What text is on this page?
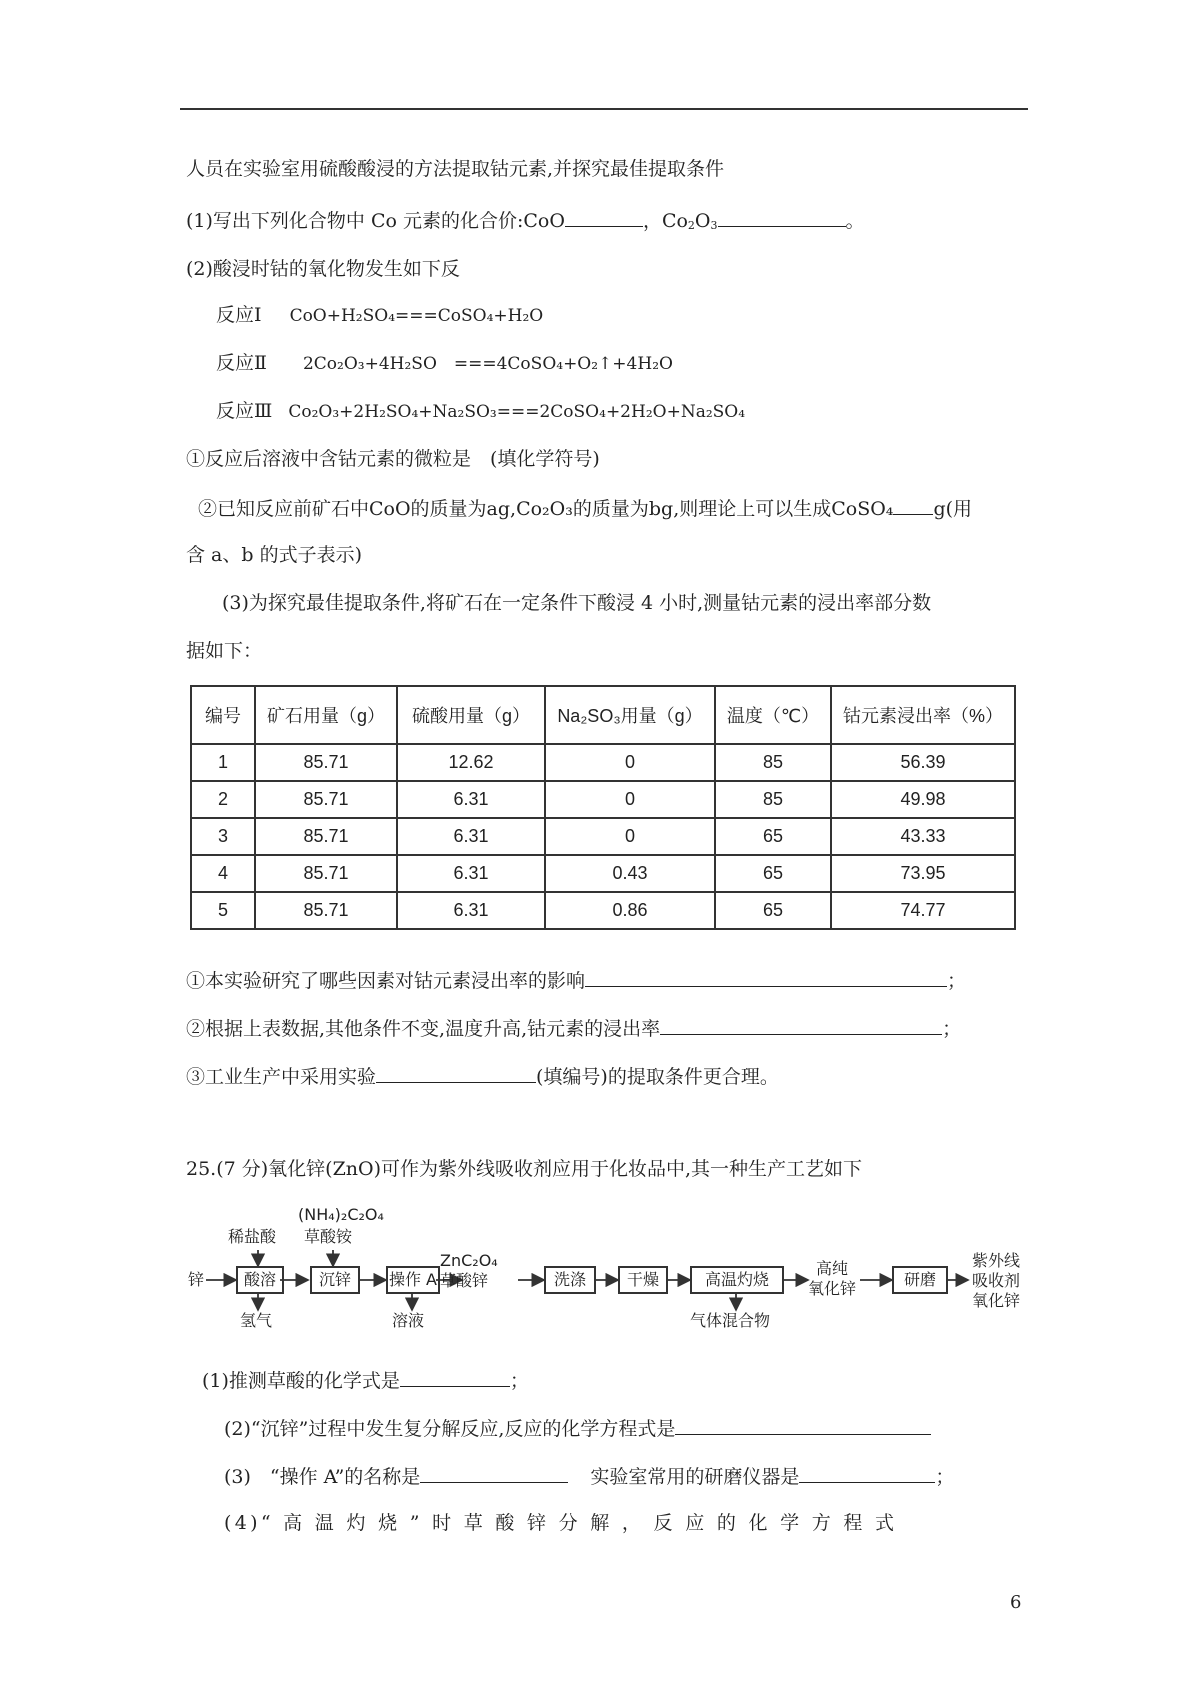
人员在实验室用硫酸酸浸的方法提取钴元素,并探究最佳提取条件
(1)写出下列化合物中 Co 元素的化合价:CoO	，$Co_2O_3$	。
(2)酸浸时钴的氧化物发生如下反
反应Ⅰ CoO+H₂SO₄===CoSO₄+H₂O
反应Ⅱ 2Co₂O₃+4H₂SO　===4CoSO₄+O₂↑+4H₂O
反应Ⅲ Co₂O₃+2H₂SO₄+Na₂SO₃===2CoSO₄+2H₂O+Na₂SO₄
①反应后溶液中含钴元素的微粒是　(填化学符号)
②已知反应前矿石中CoO的质量为ag,Co₂O₃的质量为bg,则理论上可以生成CoSO₄ g(用
含 a、b 的式子表示)
(3)为探究最佳提取条件,将矿石在一定条件下酸浸 4 小时,测量钴元素的浸出率部分数
据如下：
编号	矿石用量（g）	硫酸用量（g）	Na₂SO₃用量（g）	温度（℃）	钴元素浸出率（%）
1	85.71	12.62	0	85	56.39
2	85.71	6.31	0	85	49.98
3	85.71	6.31	0	65	43.33
4	85.71	6.31	0.43	65	73.95
5	85.71	6.31	0.86	65	74.77
①本实验研究了哪些因素对钴元素浸出率的影响	；
②根据上表数据,其他条件不变,温度升高,钴元素的浸出率	；
③工业生产中采用实验	(填编号)的提取条件更合理。
25.(7 分)氧化锌(ZnO)可作为紫外线吸收剂应用于化妆品中,其一种生产工艺如下
锌
稀盐酸
(NH₄)₂C₂O₄
草酸铵
酸溶	沉锌	操作 A
ZnC₂O₄
草酸锌	洗涤	干燥	高温灼烧
高纯
氧化锌	研磨
紫外线
吸收剂
氧化锌
氢气	溶液	气体混合物
(1)推测草酸的化学式是	；
(2)“沉锌”过程中发生复分解反应,反应的化学方程式是
(3)　“操作 A”的名称是	实验室常用的研磨仪器是	；
(4)“ 高 温 灼 烧 ” 时 草 酸 锌 分 解 ， 反 应 的 化 学 方 程 式
6
